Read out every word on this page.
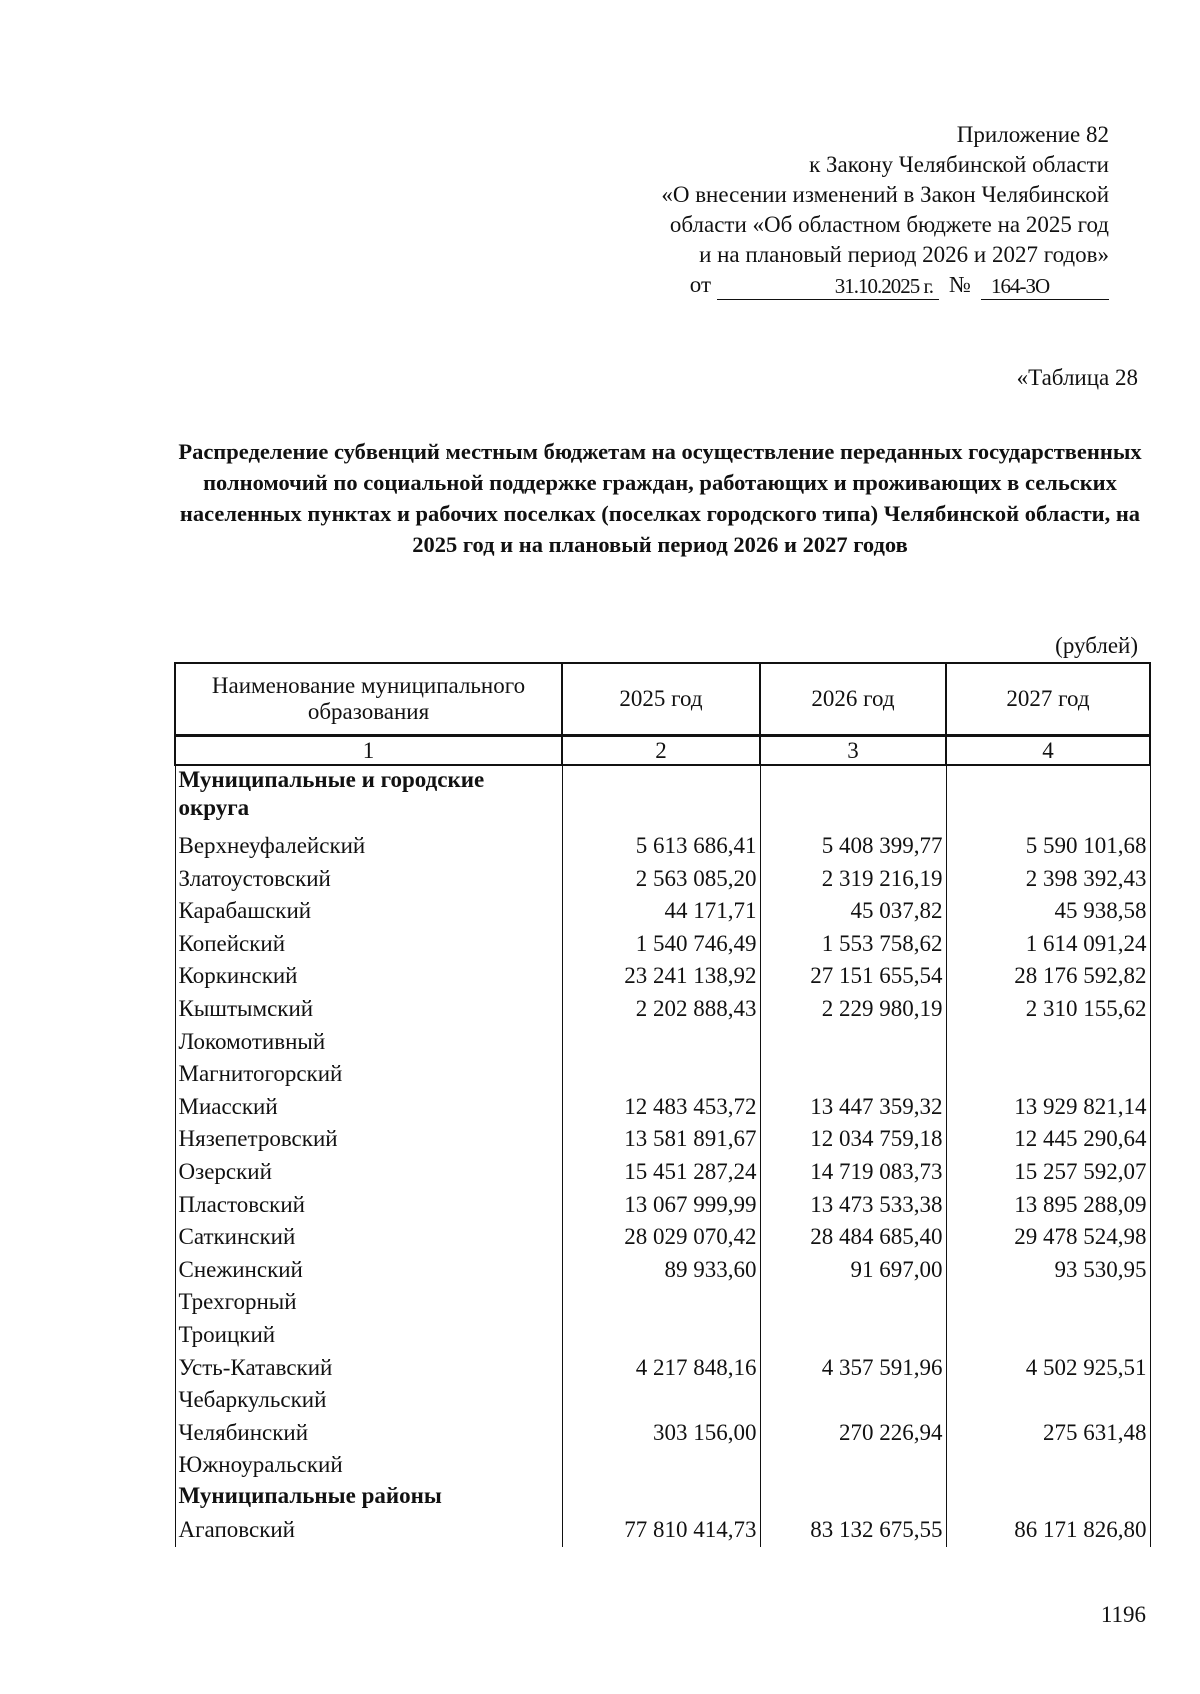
Приложение 82
к Закону Челябинской области
«О внесении изменений в Закон Челябинской
области «Об областном бюджете на 2025 год
и на плановый период 2026 и 2027 годов»
от	31.10.2025 г. № 164-ЗО
«Таблица 28
Распределение субвенций местным бюджетам на осуществление переданных государственных полномочий по социальной поддержке граждан, работающих и проживающих в сельских населенных пунктах и рабочих поселках (поселках городского типа) Челябинской области, на 2025 год и на плановый период 2026 и 2027 годов
(рублей)
Наименование муниципального образования	2025 год	2026 год	2027 год
1	2	3	4
Муниципальные и городские округа			
Верхнеуфалейский	5 613 686,41	5 408 399,77	5 590 101,68
Златоустовский	2 563 085,20	2 319 216,19	2 398 392,43
Карабашский	44 171,71	45 037,82	45 938,58
Копейский	1 540 746,49	1 553 758,62	1 614 091,24
Коркинский	23 241 138,92	27 151 655,54	28 176 592,82
Кыштымский	2 202 888,43	2 229 980,19	2 310 155,62
Локомотивный			
Магнитогорский			
Миасский	12 483 453,72	13 447 359,32	13 929 821,14
Нязепетровский	13 581 891,67	12 034 759,18	12 445 290,64
Озерский	15 451 287,24	14 719 083,73	15 257 592,07
Пластовский	13 067 999,99	13 473 533,38	13 895 288,09
Саткинский	28 029 070,42	28 484 685,40	29 478 524,98
Снежинский	89 933,60	91 697,00	93 530,95
Трехгорный			
Троицкий			
Усть-Катавский	4 217 848,16	4 357 591,96	4 502 925,51
Чебаркульский			
Челябинский	303 156,00	270 226,94	275 631,48
Южноуральский			
Муниципальные районы			
Агаповский	77 810 414,73	83 132 675,55	86 171 826,80
1196
